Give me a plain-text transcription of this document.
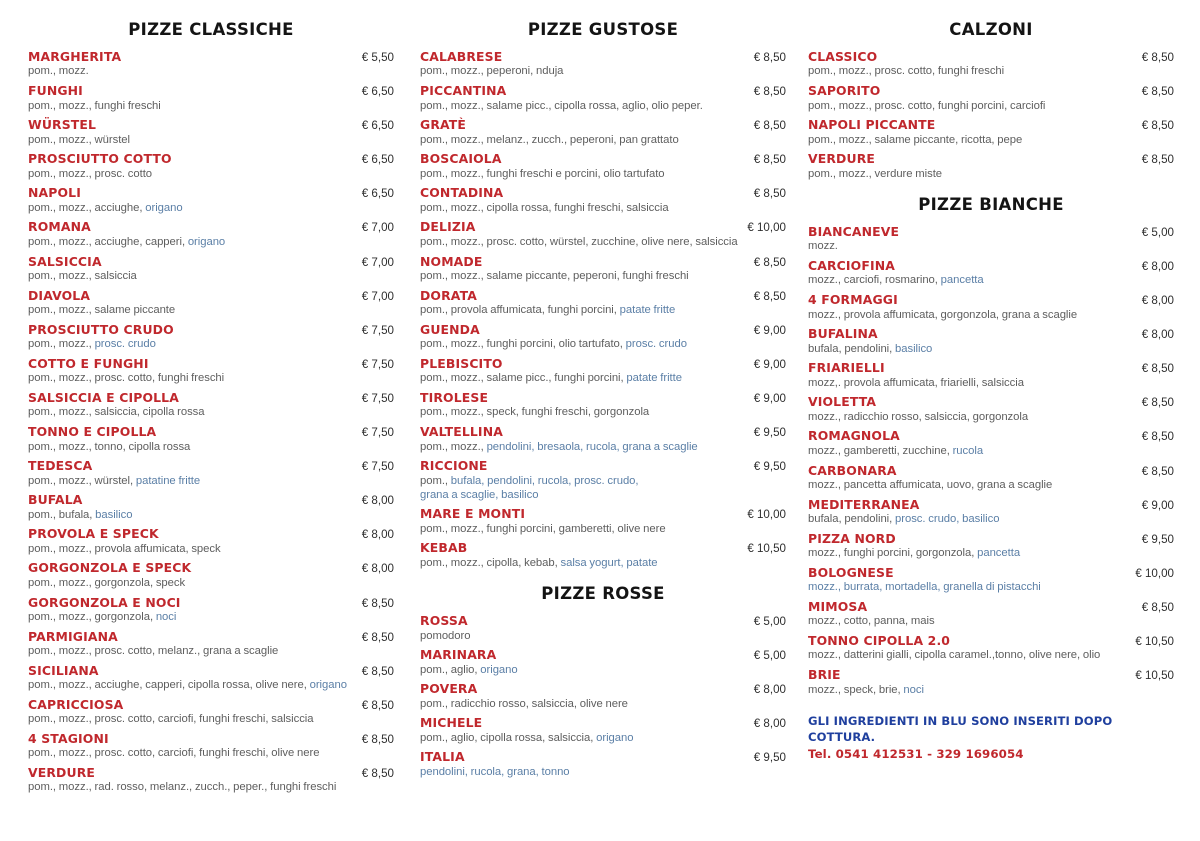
PIZZE CLASSICHE
MARGHERITA	€ 5,50
pom., mozz.
FUNGHI	€ 6,50
pom., mozz., funghi freschi
WÜRSTEL	€ 6,50
pom., mozz., würstel
PROSCIUTTO COTTO	€ 6,50
pom., mozz., prosc. cotto
NAPOLI	€ 6,50
pom., mozz., acciughe, origano
ROMANA	€ 7,00
pom., mozz., acciughe, capperi, origano
SALSICCIA	€ 7,00
pom., mozz., salsiccia
DIAVOLA	€ 7,00
pom., mozz., salame piccante
PROSCIUTTO CRUDO	€ 7,50
pom., mozz., prosc. crudo
COTTO E FUNGHI	€ 7,50
pom., mozz., prosc. cotto, funghi freschi
SALSICCIA E CIPOLLA	€ 7,50
pom., mozz., salsiccia, cipolla rossa
TONNO E CIPOLLA	€ 7,50
pom., mozz., tonno, cipolla rossa
TEDESCA	€ 7,50
pom., mozz., würstel, patatine fritte
BUFALA	€ 8,00
pom., bufala, basilico
PROVOLA E SPECK	€ 8,00
pom., mozz., provola affumicata, speck
GORGONZOLA E SPECK	€ 8,00
pom., mozz., gorgonzola, speck
GORGONZOLA E NOCI	€ 8,50
pom., mozz., gorgonzola, noci
PARMIGIANA	€ 8,50
pom., mozz., prosc. cotto, melanz., grana a scaglie
SICILIANA	€ 8,50
pom., mozz., acciughe, capperi, cipolla rossa, olive nere, origano
CAPRICCIOSA	€ 8,50
pom., mozz., prosc. cotto, carciofi, funghi freschi, salsiccia
4 STAGIONI	€ 8,50
pom., mozz., prosc. cotto, carciofi, funghi freschi, olive nere
VERDURE	€ 8,50
pom., mozz., rad. rosso, melanz., zucch., peper., funghi freschi
PIZZE GUSTOSE
CALABRESE	€ 8,50
pom., mozz., peperoni, nduja
PICCANTINA	€ 8,50
pom., mozz., salame picc., cipolla rossa, aglio, olio peper.
GRATÈ	€ 8,50
pom., mozz., melanz., zucch., peperoni, pan grattato
BOSCAIOLA	€ 8,50
pom., mozz., funghi freschi e porcini, olio tartufato
CONTADINA	€ 8,50
pom., mozz., cipolla rossa, funghi freschi, salsiccia
DELIZIA	€ 10,00
pom., mozz., prosc. cotto, würstel, zucchine, olive nere, salsiccia
NOMADE	€ 8,50
pom., mozz., salame piccante, peperoni, funghi freschi
DORATA	€ 8,50
pom., provola affumicata, funghi porcini, patate fritte
GUENDA	€ 9,00
pom., mozz., funghi porcini, olio tartufato, prosc. crudo
PLEBISCITO	€ 9,00
pom., mozz., salame picc., funghi porcini, patate fritte
TIROLESE	€ 9,00
pom., mozz., speck, funghi freschi, gorgonzola
VALTELLINA	€ 9,50
pom., mozz., pendolini, bresaola, rucola, grana a scaglie
RICCIONE	€ 9,50
pom., bufala, pendolini, rucola, prosc. crudo,
grana a scaglie, basilico
MARE E MONTI	€ 10,00
pom., mozz., funghi porcini, gamberetti, olive nere
KEBAB	€ 10,50
pom., mozz., cipolla, kebab, salsa yogurt, patate
PIZZE ROSSE
ROSSA	€ 5,00
pomodoro
MARINARA	€ 5,00
pom., aglio, origano
POVERA	€ 8,00
pom., radicchio rosso, salsiccia, olive nere
MICHELE	€ 8,00
pom., aglio, cipolla rossa, salsiccia, origano
ITALIA	€ 9,50
pendolini, rucola, grana, tonno
CALZONI
CLASSICO	€ 8,50
pom., mozz., prosc. cotto, funghi freschi
SAPORITO	€ 8,50
pom., mozz., prosc. cotto, funghi porcini, carciofi
NAPOLI PICCANTE	€ 8,50
pom., mozz., salame piccante, ricotta, pepe
VERDURE	€ 8,50
pom., mozz., verdure miste
PIZZE BIANCHE
BIANCANEVE	€ 5,00
mozz.
CARCIOFINA	€ 8,00
mozz., carciofi, rosmarino, pancetta
4 FORMAGGI	€ 8,00
mozz., provola affumicata, gorgonzola, grana a scaglie
BUFALINA	€ 8,00
bufala, pendolini, basilico
FRIARIELLI	€ 8,50
mozz,. provola affumicata, friarielli, salsiccia
VIOLETTA	€ 8,50
mozz., radicchio rosso, salsiccia, gorgonzola
ROMAGNOLA	€ 8,50
mozz., gamberetti, zucchine, rucola
CARBONARA	€ 8,50
mozz., pancetta affumicata, uovo, grana a scaglie
MEDITERRANEA	€ 9,00
bufala, pendolini, prosc. crudo, basilico
PIZZA NORD	€ 9,50
mozz., funghi porcini, gorgonzola, pancetta
BOLOGNESE	€ 10,00
mozz., burrata, mortadella, granella di pistacchi
MIMOSA	€ 8,50
mozz., cotto, panna, mais
TONNO CIPOLLA 2.0	€ 10,50
mozz., datterini gialli, cipolla caramel.,tonno, olive nere, olio
BRIE	€ 10,50
mozz., speck, brie, noci
GLI INGREDIENTI IN BLU SONO INSERITI DOPO COTTURA.
Tel. 0541 412531 - 329 1696054
